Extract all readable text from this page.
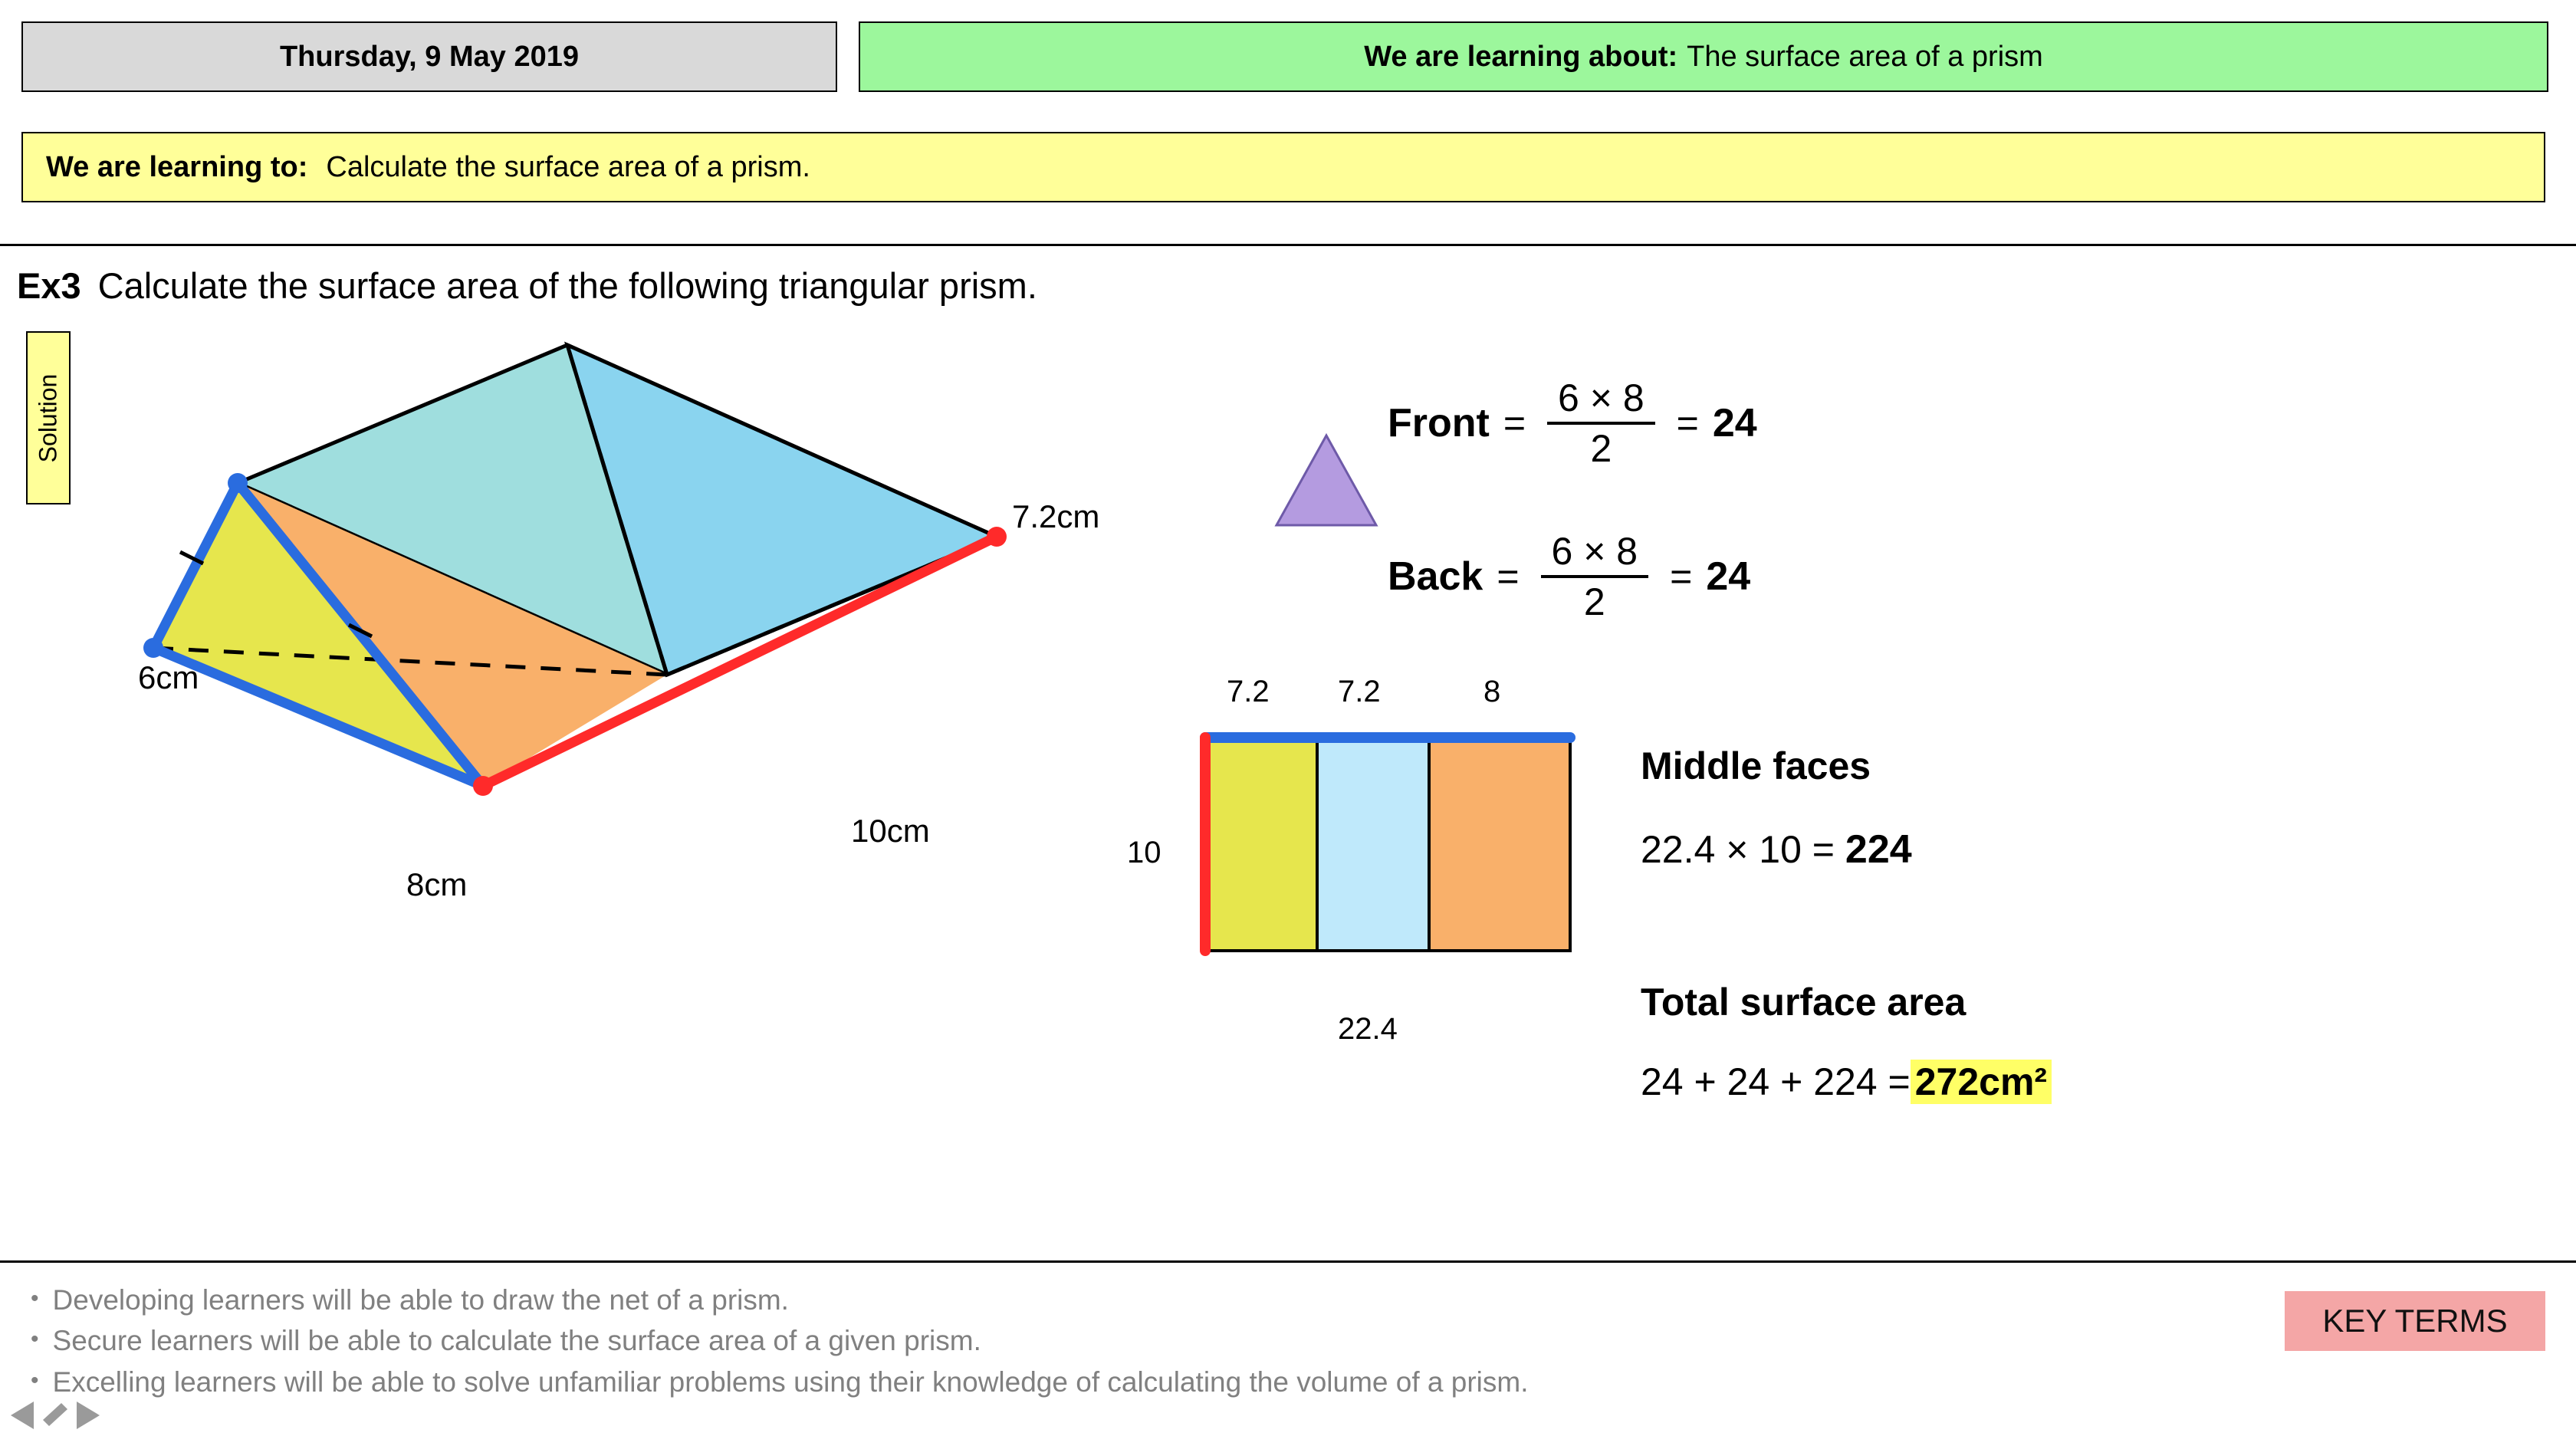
Thursday, 9 May 2019	We are learning about: The surface area of a prism
We are learning to: Calculate the surface area of a prism.
Ex3 Calculate the surface area of the following triangular prism.
Solution
6cm
8cm
10cm
7.2cm
Front = $\frac{6 \times 8}{2} = 24$
Back = $\frac{6 \times 8}{2} = 24$
7.2 7.2	8
10
22.4
Middle faces
22.4 × 10 = 224
Total surface area
24 + 24 + 224 = 272cm²
• Developing learners will be able to draw the net of a prism.
• Secure learners will be able to calculate the surface area of a given prism.
• Excelling learners will be able to solve unfamiliar problems using their knowledge of calculating the volume of a prism.
KEY TERMS
